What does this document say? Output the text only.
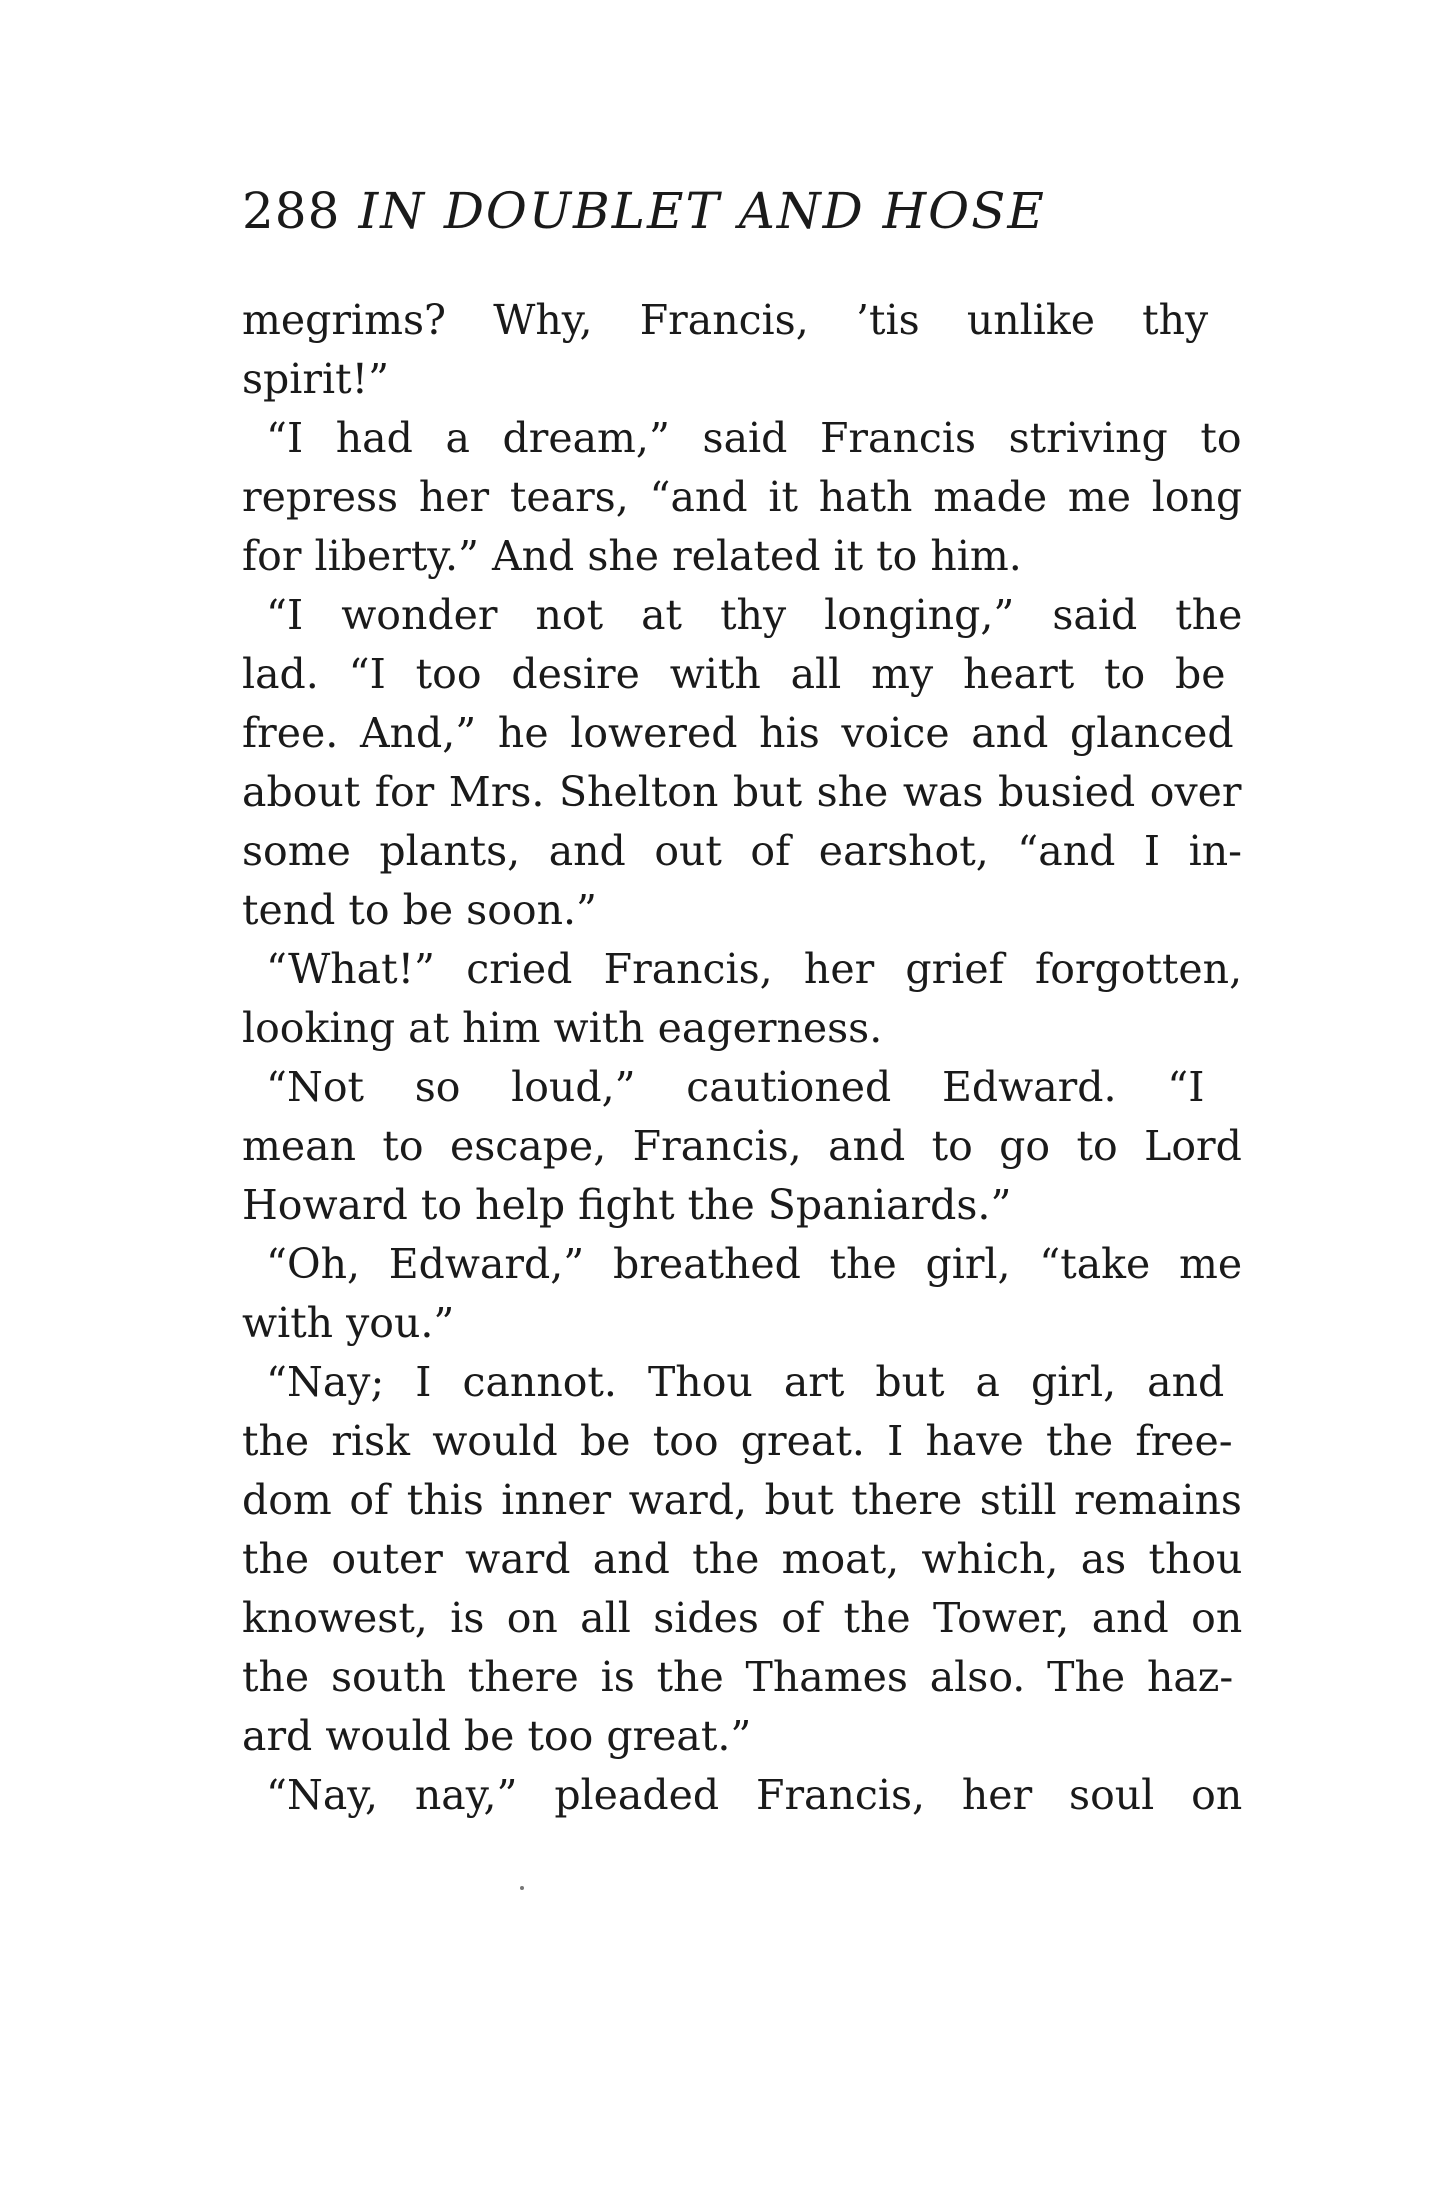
288 IN DOUBLET AND HOSE
megrims? Why, Francis, ’tis unlike thy
spirit!”
“I had a dream,” said Francis striving to
repress her tears, “and it hath made me long
for liberty.” And she related it to him.
“I wonder not at thy longing,” said the
lad. “I too desire with all my heart to be
free. And,” he lowered his voice and glanced
about for Mrs. Shelton but she was busied over
some plants, and out of earshot, “and I in-
tend to be soon.”
“What!” cried Francis, her grief forgotten,
looking at him with eagerness.
“Not so loud,” cautioned Edward. “I
mean to escape, Francis, and to go to Lord
Howard to help fight the Spaniards.”
“Oh, Edward,” breathed the girl, “take me
with you.”
“Nay; I cannot. Thou art but a girl, and
the risk would be too great. I have the free-
dom of this inner ward, but there still remains
the outer ward and the moat, which, as thou
knowest, is on all sides of the Tower, and on
the south there is the Thames also. The haz-
ard would be too great.”
“Nay, nay,” pleaded Francis, her soul on
